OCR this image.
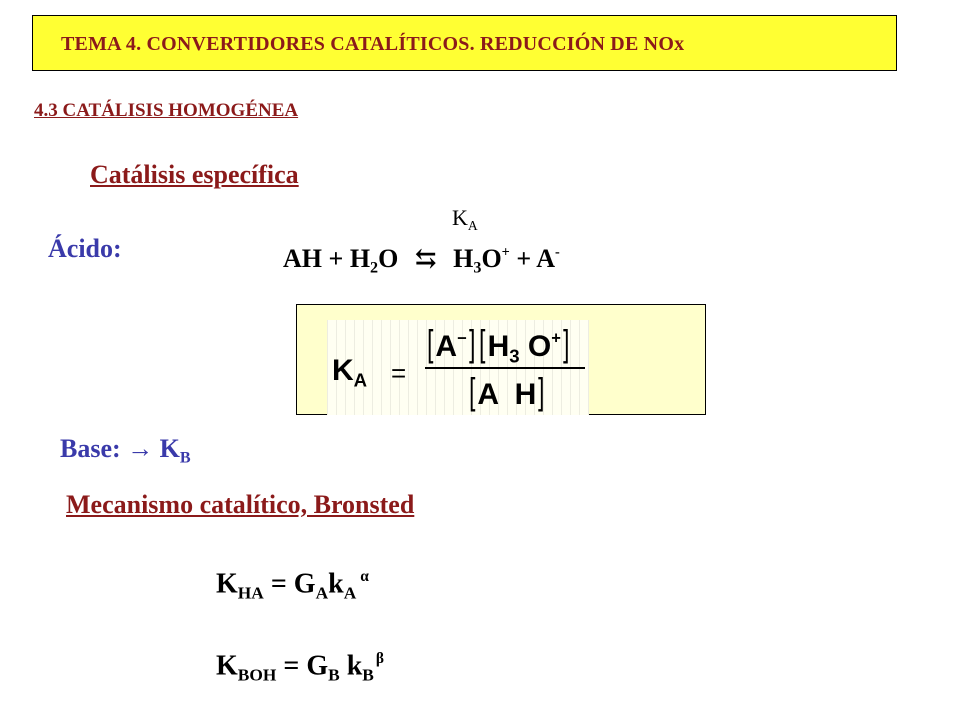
TEMA 4. CONVERTIDORES CATALÍTICOS. REDUCCIÓN DE NOx
4.3 CATÁLISIS HOMOGÉNEA
Catálisis específica
Ácido:
$K_A$
AH + $H_2O$ ⇆ $H_3O^+ + A^-$
$K_A$ =
[A−] [$H_3$ O+]
[A  H]
Base: → $K_B$
Mecanismo catalítico, Bronsted
$K_{HA} = G_Ak_A^\alpha$
$K_{BOH} = G_B$ $k_B^\beta$
